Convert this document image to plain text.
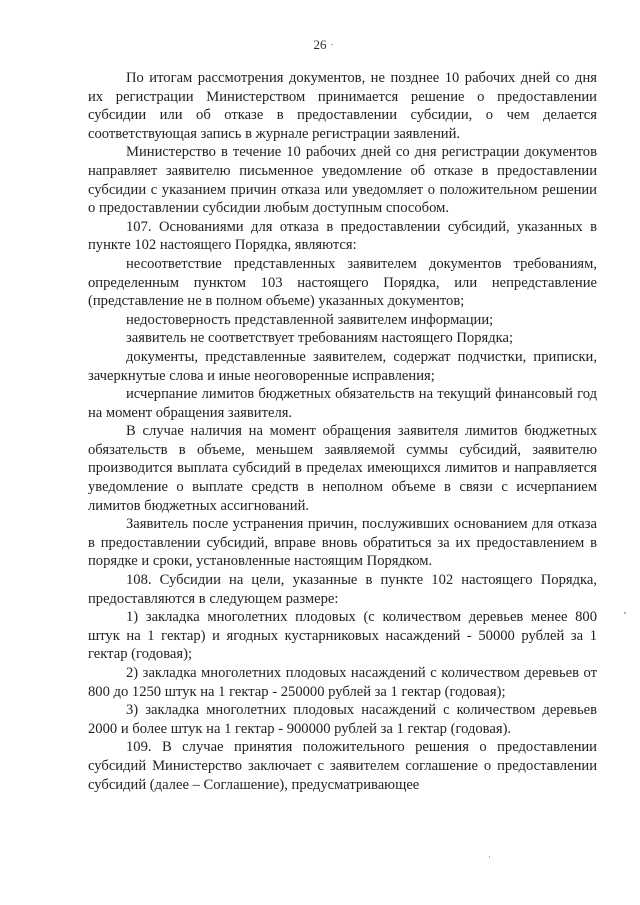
26

По итогам рассмотрения документов, не позднее 10 рабочих дней со дня их регистрации Министерством принимается решение о предоставлении субсидии или об отказе в предоставлении субсидии, о чем делается соответствующая запись в журнале регистрации заявлений.

Министерство в течение 10 рабочих дней со дня регистрации документов направляет заявителю письменное уведомление об отказе в предоставлении субсидии с указанием причин отказа или уведомляет о положительном решении о предоставлении субсидии любым доступным способом.

107. Основаниями для отказа в предоставлении субсидий, указанных в пункте 102 настоящего Порядка, являются:

несоответствие представленных заявителем документов требованиям, определенным пунктом 103 настоящего Порядка, или непредставление (представление не в полном объеме) указанных документов;

недостоверность представленной заявителем информации;

заявитель не соответствует требованиям настоящего Порядка;

документы, представленные заявителем, содержат подчистки, приписки, зачеркнутые слова и иные неоговоренные исправления;

исчерпание лимитов бюджетных обязательств на текущий финансовый год на момент обращения заявителя.

В случае наличия на момент обращения заявителя лимитов бюджетных обязательств в объеме, меньшем заявляемой суммы субсидий, заявителю производится выплата субсидий в пределах имеющихся лимитов и направляется уведомление о выплате средств в неполном объеме в связи с исчерпанием лимитов бюджетных ассигнований.

Заявитель после устранения причин, послуживших основанием для отказа в предоставлении субсидий, вправе вновь обратиться за их предоставлением в порядке и сроки, установленные настоящим Порядком.

108. Субсидии на цели, указанные в пункте 102 настоящего Порядка, предоставляются в следующем размере:

1) закладка многолетних плодовых (с количеством деревьев менее 800 штук на 1 гектар) и ягодных кустарниковых насаждений - 50000 рублей за 1 гектар (годовая);

2) закладка многолетних плодовых насаждений с количеством деревьев от 800 до 1250 штук на 1 гектар - 250000 рублей за 1 гектар (годовая);

3) закладка многолетних плодовых насаждений с количеством деревьев 2000 и более штук на 1 гектар - 900000 рублей за 1 гектар (годовая).

109. В случае принятия положительного решения о предоставлении субсидий Министерство заключает с заявителем соглашение о предоставлении субсидий (далее – Соглашение), предусматривающее
